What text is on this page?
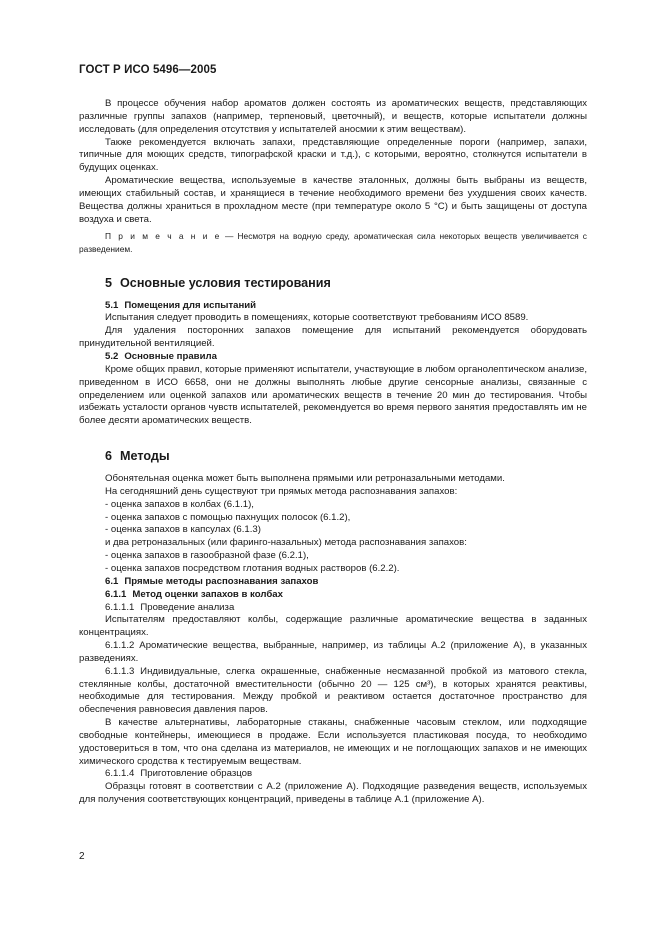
ГОСТ Р ИСО 5496—2005

В процессе обучения набор ароматов должен состоять из ароматических веществ, представляющих различные группы запахов (например, терпеновый, цветочный), и веществ, которые испытатели должны исследовать (для определения отсутствия у испытателей аносмии к этим веществам).

Также рекомендуется включать запахи, представляющие определенные пороги (например, запахи, типичные для моющих средств, типографской краски и т.д.), с которыми, вероятно, столкнутся испытатели в будущих оценках.

Ароматические вещества, используемые в качестве эталонных, должны быть выбраны из веществ, имеющих стабильный состав, и хранящиеся в течение необходимого времени без ухудшения своих качеств. Вещества должны храниться в прохладном месте (при температуре около 5 °C) и быть защищены от доступа воздуха и света.

П р и м е ч а н и е — Несмотря на водную среду, ароматическая сила некоторых веществ увеличивается с разведением.

5 Основные условия тестирования

5.1 Помещения для испытаний

Испытания следует проводить в помещениях, которые соответствуют требованиям ИСО 8589.

Для удаления посторонних запахов помещение для испытаний рекомендуется оборудовать принудительной вентиляцией.

5.2 Основные правила

Кроме общих правил, которые применяют испытатели, участвующие в любом органолептическом анализе, приведенном в ИСО 6658, они не должны выполнять любые другие сенсорные анализы, связанные с определением или оценкой запахов или ароматических веществ в течение 20 мин до тестирования. Чтобы избежать усталости органов чувств испытателей, рекомендуется во время первого занятия предоставлять им не более десяти ароматических веществ.

6 Методы

Обонятельная оценка может быть выполнена прямыми или ретроназальными методами.

На сегодняшний день существуют три прямых метода распознавания запахов:

- оценка запахов в колбах (6.1.1),

- оценка запахов с помощью пахнущих полосок (6.1.2),

- оценка запахов в капсулах (6.1.3)

и два ретроназальных (или фаринго-назальных) метода распознавания запахов:

- оценка запахов в газообразной фазе (6.2.1),

- оценка запахов посредством глотания водных растворов (6.2.2).

6.1 Прямые методы распознавания запахов

6.1.1 Метод оценки запахов в колбах

6.1.1.1 Проведение анализа

Испытателям предоставляют колбы, содержащие различные ароматические вещества в заданных концентрациях.

6.1.1.2 Ароматические вещества, выбранные, например, из таблицы А.2 (приложение А), в указанных разведениях.

6.1.1.3 Индивидуальные, слегка окрашенные, снабженные несмазанной пробкой из матового стекла, стеклянные колбы, достаточной вместительности (обычно 20 — 125 см³), в которых хранятся реактивы, необходимые для тестирования. Между пробкой и реактивом остается достаточное пространство для обеспечения равновесия давления паров.

В качестве альтернативы, лабораторные стаканы, снабженные часовым стеклом, или подходящие свободные контейнеры, имеющиеся в продаже. Если используется пластиковая посуда, то необходимо удостовериться в том, что она сделана из материалов, не имеющих и не поглощающих запахов и не имеющих химического сродства к тестируемым веществам.

6.1.1.4 Приготовление образцов

Образцы готовят в соответствии с А.2 (приложение А). Подходящие разведения веществ, используемых для получения соответствующих концентраций, приведены в таблице А.1 (приложение А).

2
